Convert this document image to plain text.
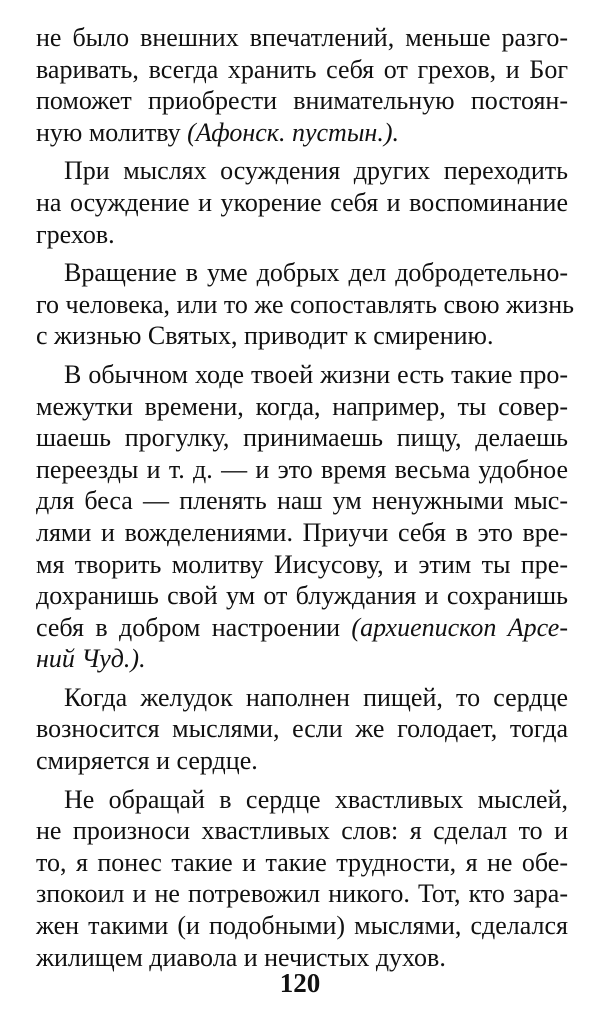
не было внешних впечатлений, меньше разго-
варивать, всегда хранить себя от грехов, и Бог
поможет приобрести внимательную постоян-
ную молитву (Афонск. пустын.).
При мыслях осуждения других переходить
на осуждение и укорение себя и воспоминание
грехов.
Вращение в уме добрых дел добродетельно-
го человека, или то же сопоставлять свою жизнь
с жизнью Святых, приводит к смирению.
В обычном ходе твоей жизни есть такие про-
межутки времени, когда, например, ты совер-
шаешь прогулку, принимаешь пищу, делаешь
переезды и т. д. — и это время весьма удобное
для беса — пленять наш ум ненужными мыс-
лями и вожделениями. Приучи себя в это вре-
мя творить молитву Иисусову, и этим ты пре-
дохранишь свой ум от блуждания и сохранишь
себя в добром настроении (архиепископ Арсе-
ний Чуд.).
Когда желудок наполнен пищей, то сердце
возносится мыслями, если же голодает, тогда
смиряется и сердце.
Не обращай в сердце хвастливых мыслей,
не произноси хвастливых слов: я сделал то и
то, я понес такие и такие трудности, я не обе-
зпокоил и не потревожил никого. Тот, кто зара-
жен такими (и подобными) мыслями, сделался
жилищем диавола и нечистых духов.
120
